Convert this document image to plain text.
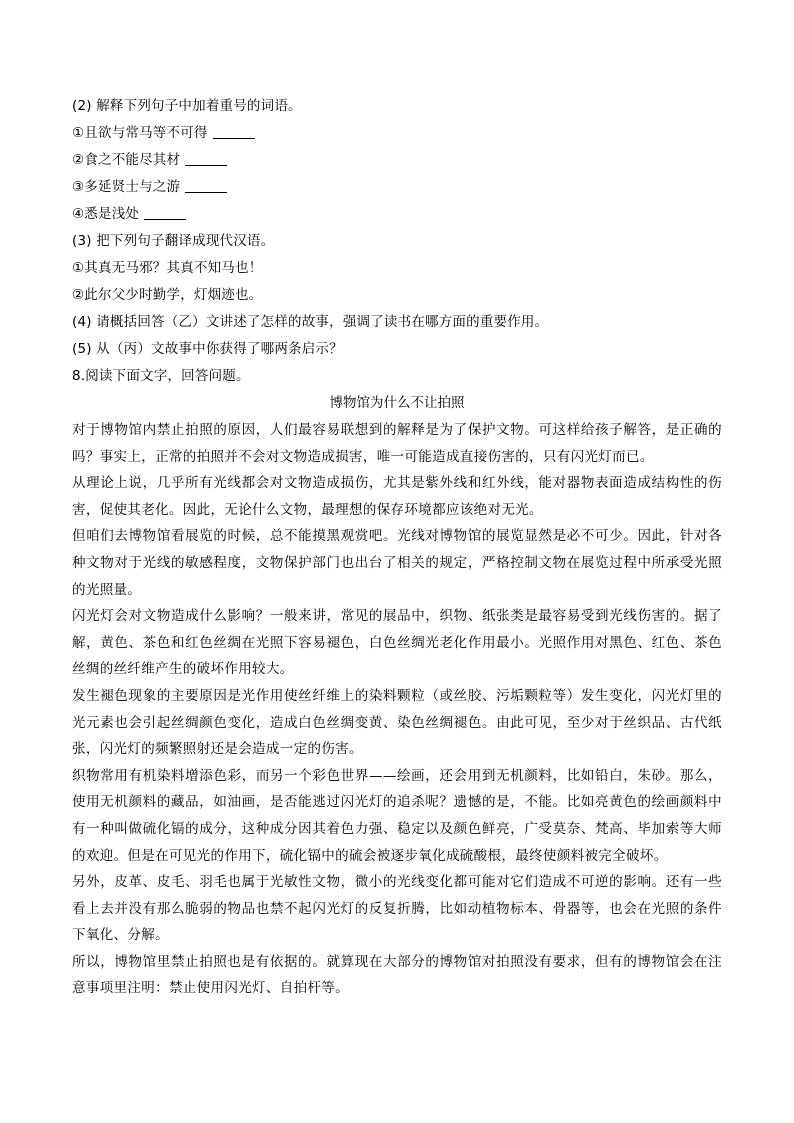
(2) 解释下列句子中加着重号的词语。
①且欲与常马等不可得
②食之不能尽其材
③多延贤士与之游
④悉是浅处
(3) 把下列句子翻译成现代汉语。
①其真无马邪？其真不知马也！
②此尔父少时勤学，灯烟迹也。
(4) 请概括回答（乙）文讲述了怎样的故事，强调了读书在哪方面的重要作用。
(5) 从（丙）文故事中你获得了哪两条启示？
8.阅读下面文字，回答问题。
博物馆为什么不让拍照

对于博物馆内禁止拍照的原因，人们最容易联想到的解释是为了保护文物。可这样给孩子解答，是正确的吗？事实上，正常的拍照并不会对文物造成损害，唯一可能造成直接伤害的，只有闪光灯而已。

从理论上说，几乎所有光线都会对文物造成损伤，尤其是紫外线和红外线，能对器物表面造成结构性的伤害，促使其老化。因此，无论什么文物，最理想的保存环境都应该绝对无光。

但咱们去博物馆看展览的时候，总不能摸黑观赏吧。光线对博物馆的展览显然是必不可少。因此，针对各种文物对于光线的敏感程度，文物保护部门也出台了相关的规定，严格控制文物在展览过程中所承受光照的光照量。

闪光灯会对文物造成什么影响？一般来讲，常见的展品中，织物、纸张类是最容易受到光线伤害的。据了解，黄色、茶色和红色丝绸在光照下容易褪色，白色丝绸光老化作用最小。光照作用对黑色、红色、茶色丝绸的丝纤维产生的破坏作用较大。

发生褪色现象的主要原因是光作用使丝纤维上的染料颗粒（或丝胶、污垢颗粒等）发生变化，闪光灯里的光元素也会引起丝绸颜色变化，造成白色丝绸变黄、染色丝绸褪色。由此可见，至少对于丝织品、古代纸张，闪光灯的频繁照射还是会造成一定的伤害。

织物常用有机染料增添色彩，而另一个彩色世界——绘画，还会用到无机颜料，比如铅白，朱砂。那么，使用无机颜料的藏品，如油画，是否能逃过闪光灯的追杀呢？遗憾的是，不能。比如亮黄色的绘画颜料中有一种叫做硫化镉的成分，这种成分因其着色力强、稳定以及颜色鲜亮，广受莫奈、梵高、毕加索等大师的欢迎。但是在可见光的作用下，硫化镉中的硫会被逐步氧化成硫酸根，最终使颜料被完全破坏。

另外，皮革、皮毛、羽毛也属于光敏性文物，微小的光线变化都可能对它们造成不可逆的影响。还有一些看上去并没有那么脆弱的物品也禁不起闪光灯的反复折腾，比如动植物标本、骨器等，也会在光照的条件下氧化、分解。

所以，博物馆里禁止拍照也是有依据的。就算现在大部分的博物馆对拍照没有要求，但有的博物馆会在注意事项里注明：禁止使用闪光灯、自拍杆等。
